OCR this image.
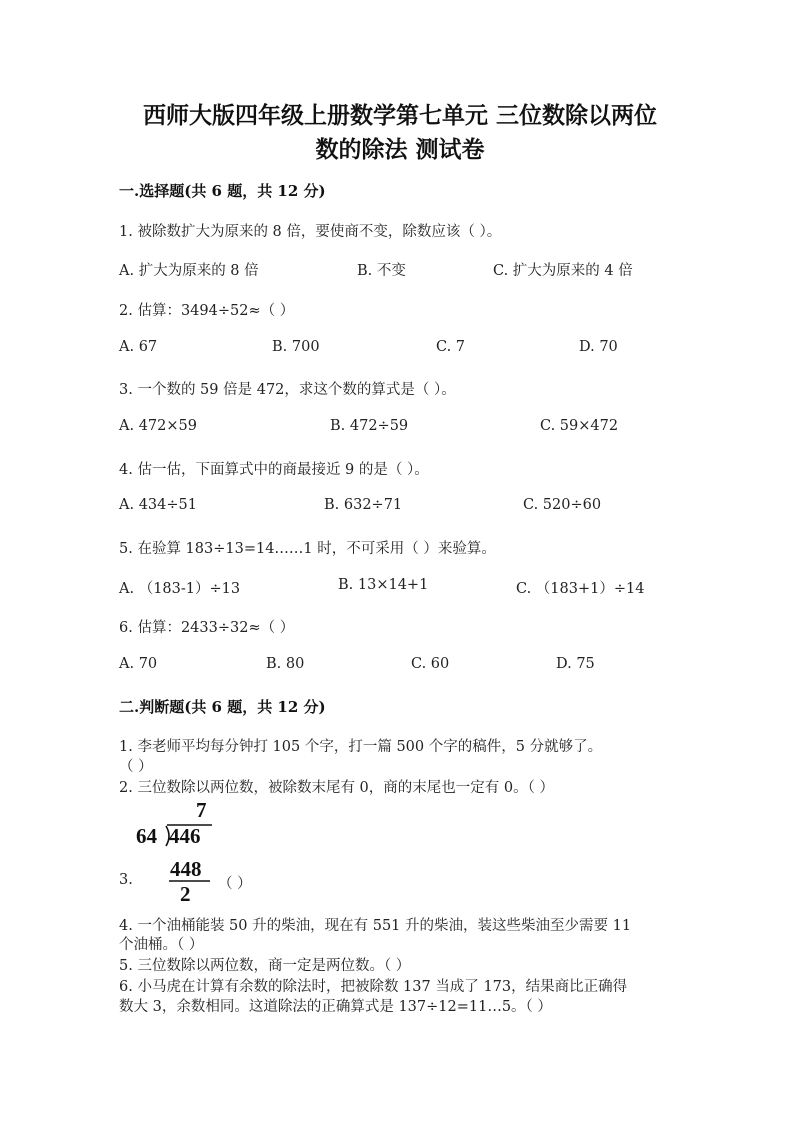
西师大版四年级上册数学第七单元 三位数除以两位
数的除法 测试卷
一.选择题(共 6 题，共 12 分)
1. 被除数扩大为原来的 8 倍，要使商不变，除数应该（ ）。
A. 扩大为原来的 8 倍	B. 不变	C. 扩大为原来的 4 倍
2. 估算：3494÷52≈（ ）
A. 67	B. 700	C. 7	D. 70
3. 一个数的 59 倍是 472，求这个数的算式是（ ）。
A. 472×59	B. 472÷59	C. 59×472
4. 估一估，下面算式中的商最接近 9 的是（ ）。
A. 434÷51	B. 632÷71	C. 520÷60
5. 在验算 183÷13=14……1 时，不可采用（ ）来验算。
A. （183-1）÷13	B. 13×14+1	C. （183+1）÷14
6. 估算：2433÷32≈（ ）
A. 70	B. 80	C. 60	D. 75
二.判断题(共 6 题，共 12 分)
1. 李老师平均每分钟打 105 个字，打一篇 500 个字的稿件，5 分就够了。
（ ）
2. 三位数除以两位数，被除数末尾有 0，商的末尾也一定有 0。（ ）
7
64 446
448
2
3.	（ ）
4. 一个油桶能装 50 升的柴油，现在有 551 升的柴油，装这些柴油至少需要 11
个油桶。（ ）
5. 三位数除以两位数，商一定是两位数。（ ）
6. 小马虎在计算有余数的除法时，把被除数 137 当成了 173，结果商比正确得
数大 3，余数相同。这道除法的正确算式是 137÷12=11…5。（ ）
